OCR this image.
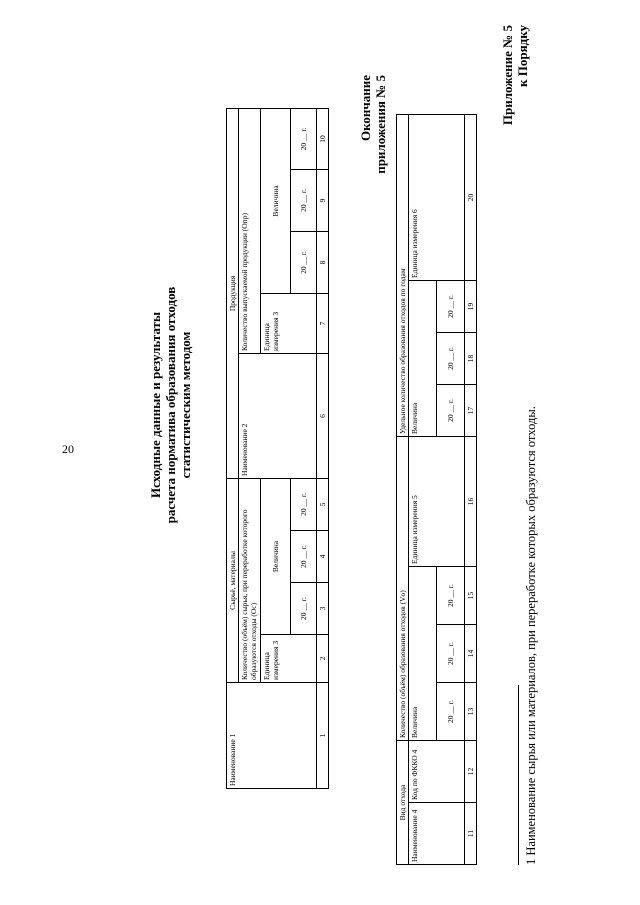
20
Приложение № 5 к Порядку
Исходные данные и результаты расчета норматива образования отходов статистическим методом
Наименование 1	Сырьё, материалы				Продукция				
	Количество (объём) сырья, при переработке которого образуются отходы (Oс)				Наименование 2	Количество выпускаемой продукции (Oпр)			
	Единица измерения 3	Величина				Единица измерения 3	Величина		
		20 __ г.	20 __ г.	20 __ г.			20 __ г.	20 __ г.	20 __ г.
1	2	3	4	5	6	7	8	9	10 Окончание приложения № 5
Вид отхода		Количество (объём) образования отходов (Vо)				Удельное количество образования отходов по годам			
Наименование 4	Код по ФККО 4	Величина			Единица измерения 5	Величина			Единица измерения 6
		20 __ г.	20 __ г.	20 __ г.		20 __ г.	20 __ г.	20 __ г.	
11	12	13	14	15	16	17	18	19	20
1 Наименование сырья или материалов, при переработке которых образуются отходы.
